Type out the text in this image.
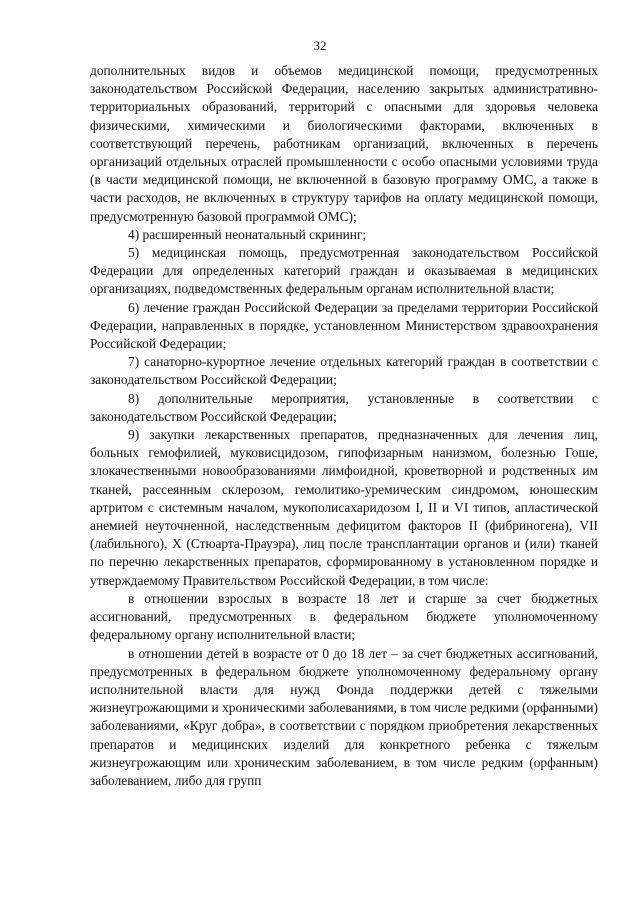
32

дополнительных видов и объемов медицинской помощи, предусмотренных законодательством Российской Федерации, населению закрытых административно-территориальных образований, территорий с опасными для здоровья человека физическими, химическими и биологическими факторами, включенных в соответствующий перечень, работникам организаций, включенных в перечень организаций отдельных отраслей промышленности с особо опасными условиями труда (в части медицинской помощи, не включенной в базовую программу ОМС, а также в части расходов, не включенных в структуру тарифов на оплату медицинской помощи, предусмотренную базовой программой ОМС);

4) расширенный неонатальный скрининг;

5) медицинская помощь, предусмотренная законодательством Российской Федерации для определенных категорий граждан и оказываемая в медицинских организациях, подведомственных федеральным органам исполнительной власти;

6) лечение граждан Российской Федерации за пределами территории Российской Федерации, направленных в порядке, установленном Министерством здравоохранения Российской Федерации;

7) санаторно-курортное лечение отдельных категорий граждан в соответствии с законодательством Российской Федерации;

8) дополнительные мероприятия, установленные в соответствии с законодательством Российской Федерации;

9) закупки лекарственных препаратов, предназначенных для лечения лиц, больных гемофилией, муковисцидозом, гипофизарным нанизмом, болезнью Гоше, злокачественными новообразованиями лимфоидной, кроветворной и родственных им тканей, рассеянным склерозом, гемолитико-уремическим синдромом, юношеским артритом с системным началом, мукополисахаридозом I, II и VI типов, апластической анемией неуточненной, наследственным дефицитом факторов II (фибриногена), VII (лабильного), X (Стюарта-Прауэра), лиц после трансплантации органов и (или) тканей по перечню лекарственных препаратов, сформированному в установленном порядке и утверждаемому Правительством Российской Федерации, в том числе:

в отношении взрослых в возрасте 18 лет и старше за счет бюджетных ассигнований, предусмотренных в федеральном бюджете уполномоченному федеральному органу исполнительной власти;

в отношении детей в возрасте от 0 до 18 лет – за счет бюджетных ассигнований, предусмотренных в федеральном бюджете уполномоченному федеральному органу исполнительной власти для нужд Фонда поддержки детей с тяжелыми жизнеугрожающими и хроническими заболеваниями, в том числе редкими (орфанными) заболеваниями, «Круг добра», в соответствии с порядком приобретения лекарственных препаратов и медицинских изделий для конкретного ребенка с тяжелым жизнеугрожающим или хроническим заболеванием, в том числе редким (орфанным) заболеванием, либо для групп
